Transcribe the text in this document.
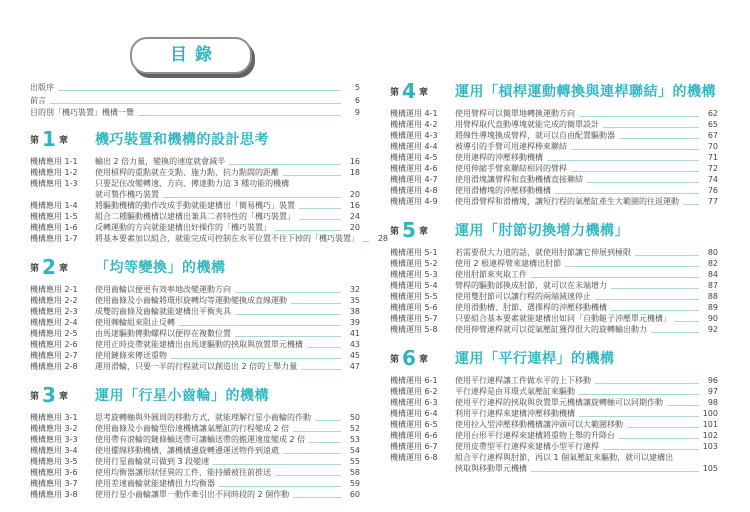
目錄
出版序	5
前言	6
目的別「機巧裝置」機構一覽	9
第 1 章 機巧裝置和機構的設計思考
機構應用 1-1	輸出 2 倍力量，變換的速度就會減半	16
機構應用 1-2	使用槓桿的重點就在支點、施力點、抗力點間的距離	18
機構應用 1-3	只要記住改變轉速、方向、傳達動力這 3 種功能的機構
就可製作機巧裝置	20
機構應用 1-4	將驅動機構的動作改成手動就能建構出「簡易機巧」裝置	16
機構應用 1-5	組合二種驅動機構以建構出兼具二者特性的「機巧裝置」	24
機構應用 1-6	反轉運動的方向就能建構出好操作的「機巧裝置」	20
機構應用 1-7	將基本要素加以組合，就能完成可控制在水平位置不往下掉的「機巧裝置」	28
第 2 章 「均等變換」的機構
機構應用 2-1	使用齒輪以便更有效率地改變運動方向	32
機構應用 2-2	使用齒條及小齒輪將環形旋轉均等運動變換成直線運動	35
機構應用 2-3	成雙的齒條及齒輪就能建構出平衡夾具	38
機構應用 2-4	使用棘輪組來阻止反轉	39
機構應用 2-5	由馬達驅動傳動螺桿以便停在複數位置	41
機構應用 2-6	使用正時皮帶就能建構出由馬達驅動的挾取與放置單元機構	43
機構應用 2-7	使用鏈條來傳送重物	45
機構應用 2-8	運用滑輪，只要一半的行程就可以創造出 2 倍的上舉力量	47
第 3 章 運用「行星小齒輪」的機構
機構應用 3-1	思考旋轉軸與外圓周的移動方式，就能理解行星小齒輪的作動	50
機構應用 3-2	使用齒條及小齒輪型倍速機構讓氣壓缸的行程變成 2 倍	52
機構應用 3-3	使用帶有滾輪的鏈條輸送帶可讓輸送帶的搬運速度變成 2 倍	53
機構應用 3-4	使用擺線移動機構，讓機構邊旋轉邊運送物件到遠處	54
機構應用 3-5	使用行星齒輪就可做到 3 段變速	55
機構應用 3-6	使用均衡器讓形狀怪異的工件，能持續被往前推送	58
機構應用 3-7	使用差速齒輪就能建構扭力均衡器	59
機構應用 3-8	使用行星小齒輪讓單一動作牽引出不同時段的 2 個作動	60
第 4 章 運用「槓桿運動轉換與連桿聯結」的機構
機構運用 4-1	使用臂桿可以簡單地轉換運動方向	62
機構運用 4-2	用臂桿取代直動導塊就能完成的簡單設計	65
機構運用 4-3	將線性導塊換成臂桿，就可以自由配置驅動器	67
機構運用 4-4	被導引的手臂可用連桿棒來聯結	70
機構運用 4-5	使用連桿的沖壓移動機構	71
機構運用 4-6	使用伸縮手臂來聯結相同的臂桿	72
機構運用 4-7	使用滑塊讓臂桿和直動機構直接聯結	74
機構運用 4-8	使用滑槽塊的沖壓移動機構	76
機構運用 4-9	使用滑臂桿和滑槽塊，讓短行程的氣壓缸產生大範圍的往返運動	77
第 5 章 運用「肘節切換增力機構」
機構運用 5-1	若需要很大力道的話，就使用肘節讓它伸展到極限	80
機構運用 5-2	使用 2 根連桿臂來建構出肘節	82
機構運用 5-3	使用肘節來夾取工件	84
機構運用 5-4	臂桿的驅動部換成肘節，就可以在末端增力	87
機構運用 5-5	使用雙肘節可以讓行程的兩端減速停止	88
機構運用 5-6	使用滑動槽、肘節、選擇桿的沖壓移動機構	89
機構運用 5-7	只要組合基本要素就能建構出如同「自動鎚子沖壓單元機構」	90
機構運用 5-8	使用伸臂連桿就可以從氣壓缸獲得很大的旋轉輸出動力	92
第 6 章 運用「平行連桿」的機構
機構運用 6-1	使用平行連桿讓工件做水平的上下移動	96
機構運用 6-2	平行連桿是由耳環式氣壓缸來驅動	97
機構運用 6-3	使用平行連桿的挾取與放置單元機構讓旋轉軸可以同期作動	98
機構運用 6-4	利用平行連桿來建構沖壓移動機構	100
機構運用 6-5	使用拉入型沖壓移動機構讓沖頭可以大範圍移動	101
機構運用 6-6	使用台形平行連桿來建構將重物上舉的升降台	102
機構運用 6-7	使用皮帶型平行連桿來建構小型平行連桿	103
機構運用 6-8	組合平行連桿與肘節，再以 1 個氣壓缸來驅動，就可以建構出
挾取與移動單元機構	105
